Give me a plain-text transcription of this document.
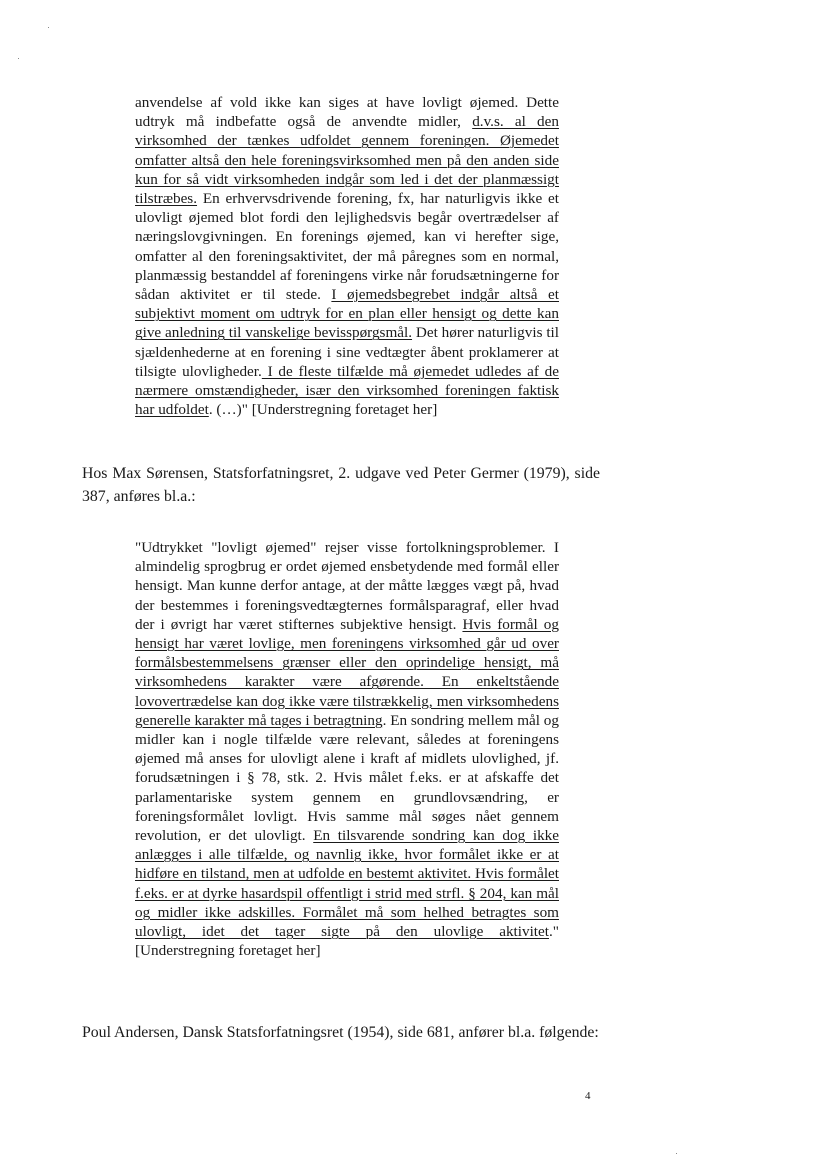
anvendelse af vold ikke kan siges at have lovligt øjemed. Dette udtryk må indbefatte også de anvendte midler, d.v.s. al den virksomhed der tænkes udfoldet gennem foreningen. Øjemedet omfatter altså den hele foreningsvirksomhed men på den anden side kun for så vidt virksomheden indgår som led i det der planmæssigt tilstræbes. En erhvervsdrivende forening, fx, har naturligvis ikke et ulovligt øjemed blot fordi den lejlighedsvis begår overtrædelser af næringslovgivningen. En forenings øjemed, kan vi herefter sige, omfatter al den foreningsaktivitet, der må påregnes som en normal, planmæssig bestanddel af foreningens virke når forudsætningerne for sådan aktivitet er til stede. I øjemedsbegrebet indgår altså et subjektivt moment om udtryk for en plan eller hensigt og dette kan give anledning til vanskelige bevisspørgsmål. Det hører naturligvis til sjældenhederne at en forening i sine vedtægter åbent proklamerer at tilsigte ulovligheder. I de fleste tilfælde må øjemedet udledes af de nærmere omstændigheder, især den virksomhed foreningen faktisk har udfoldet. (…)" [Understregning foretaget her]

Hos Max Sørensen, Statsforfatningsret, 2. udgave ved Peter Germer (1979), side 387, anføres bl.a.:

"Udtrykket "lovligt øjemed" rejser visse fortolkningsproblemer. I almindelig sprogbrug er ordet øjemed ensbetydende med formål eller hensigt. Man kunne derfor antage, at der måtte lægges vægt på, hvad der bestemmes i foreningsvedtægternes formålsparagraf, eller hvad der i øvrigt har været stifternes subjektive hensigt. Hvis formål og hensigt har været lovlige, men foreningens virksomhed går ud over formålsbestemmelsens grænser eller den oprindelige hensigt, må virksomhedens karakter være afgørende. En enkeltstående lovovertrædelse kan dog ikke være tilstrækkelig, men virksomhedens generelle karakter må tages i betragtning. En sondring mellem mål og midler kan i nogle tilfælde være relevant, således at foreningens øjemed må anses for ulovligt alene i kraft af midlets ulovlighed, jf. forudsætningen i § 78, stk. 2. Hvis målet f.eks. er at afskaffe det parlamentariske system gennem en grundlovsændring, er foreningsformålet lovligt. Hvis samme mål søges nået gennem revolution, er det ulovligt. En tilsvarende sondring kan dog ikke anlægges i alle tilfælde, og navnlig ikke, hvor formålet ikke er at hidføre en tilstand, men at udfolde en bestemt aktivitet. Hvis formålet f.eks. er at dyrke hasardspil offentligt i strid med strfl. § 204, kan mål og midler ikke adskilles. Formålet må som helhed betragtes som ulovligt, idet det tager sigte på den ulovlige aktivitet." [Understregning foretaget her]

Poul Andersen, Dansk Statsforfatningsret (1954), side 681, anfører bl.a. følgende:

4
